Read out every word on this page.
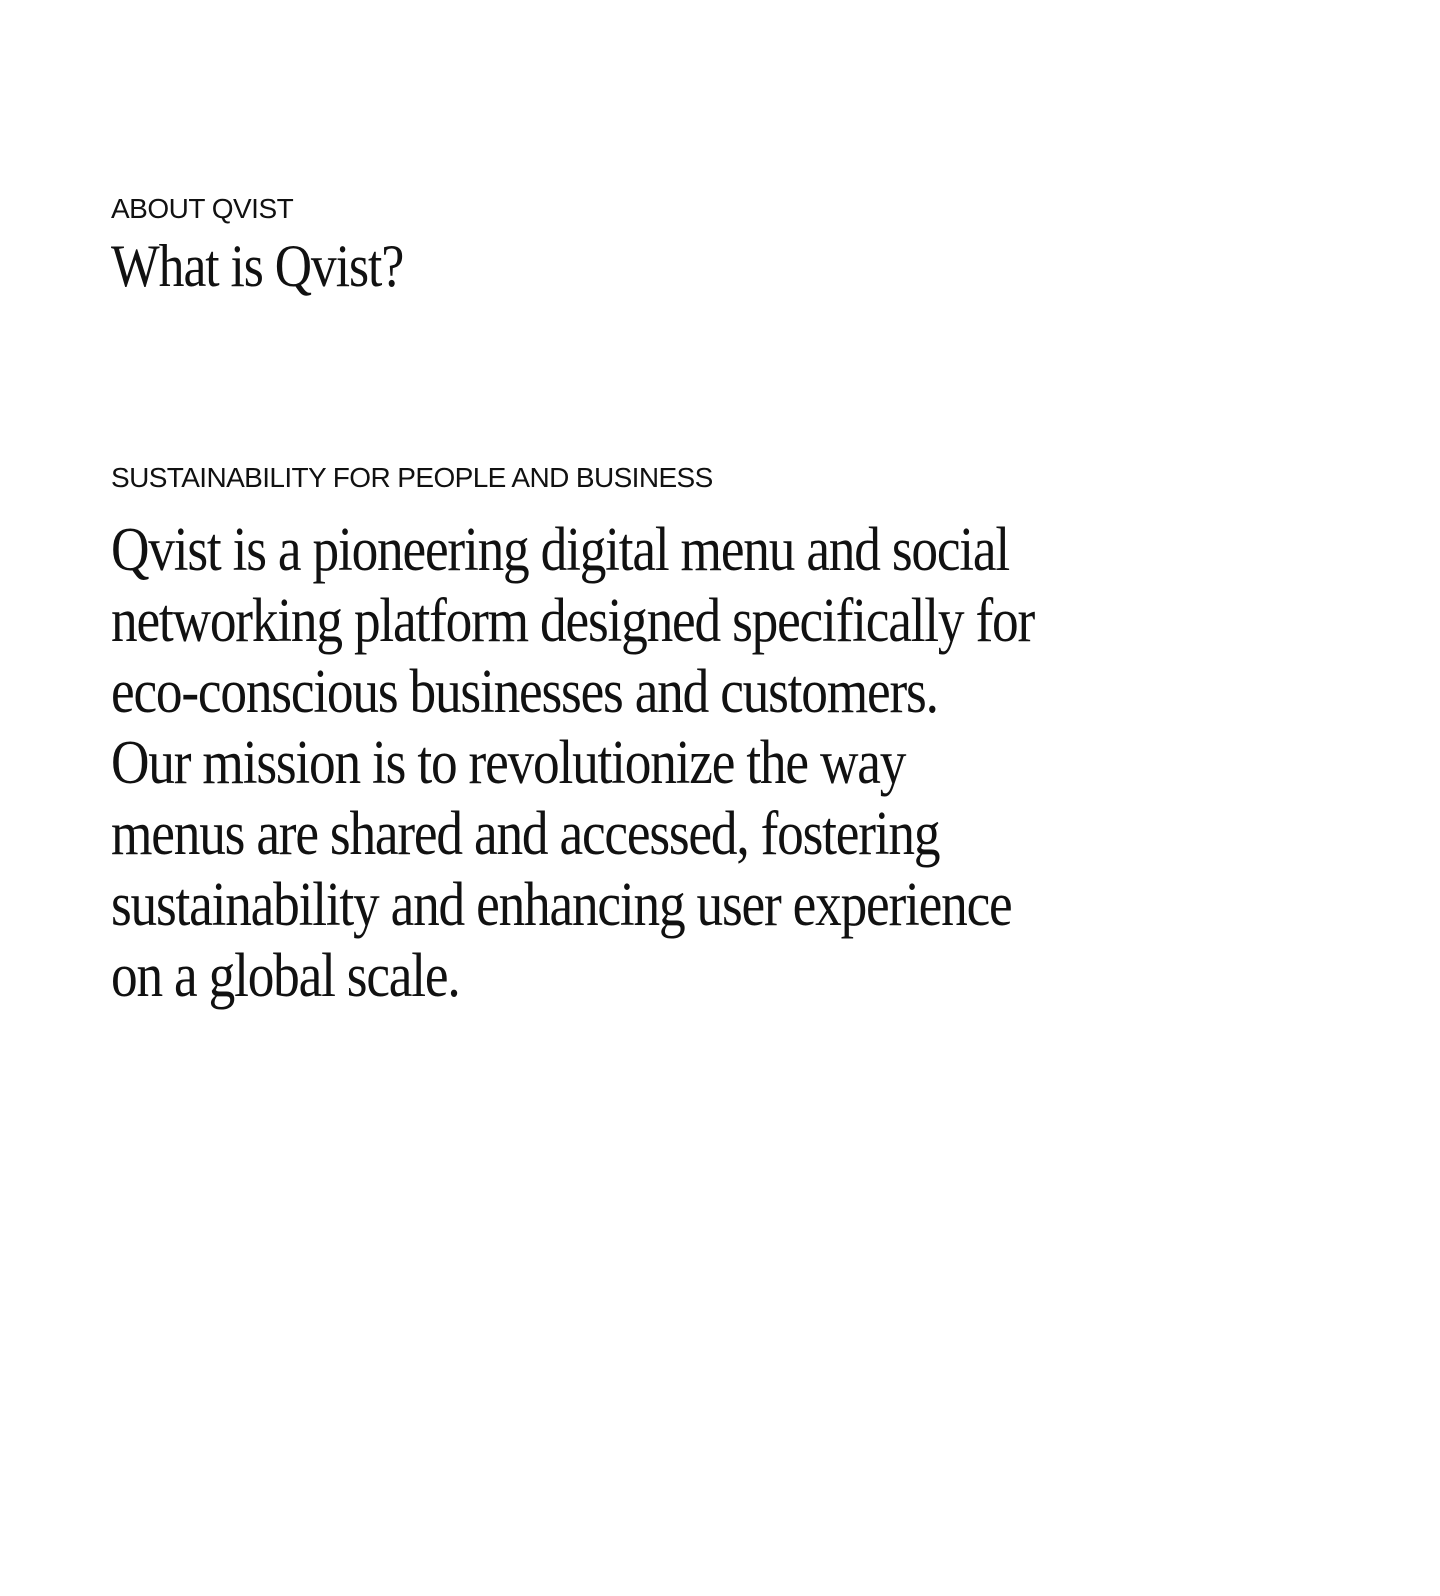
ABOUT QVIST

What is Qvist?

SUSTAINABILITY FOR PEOPLE AND BUSINESS

Qvist is a pioneering digital menu and social
networking platform designed specifically for
eco-conscious businesses and customers.
Our mission is to revolutionize the way
menus are shared and accessed, fostering
sustainability and enhancing user experience
on a global scale.
